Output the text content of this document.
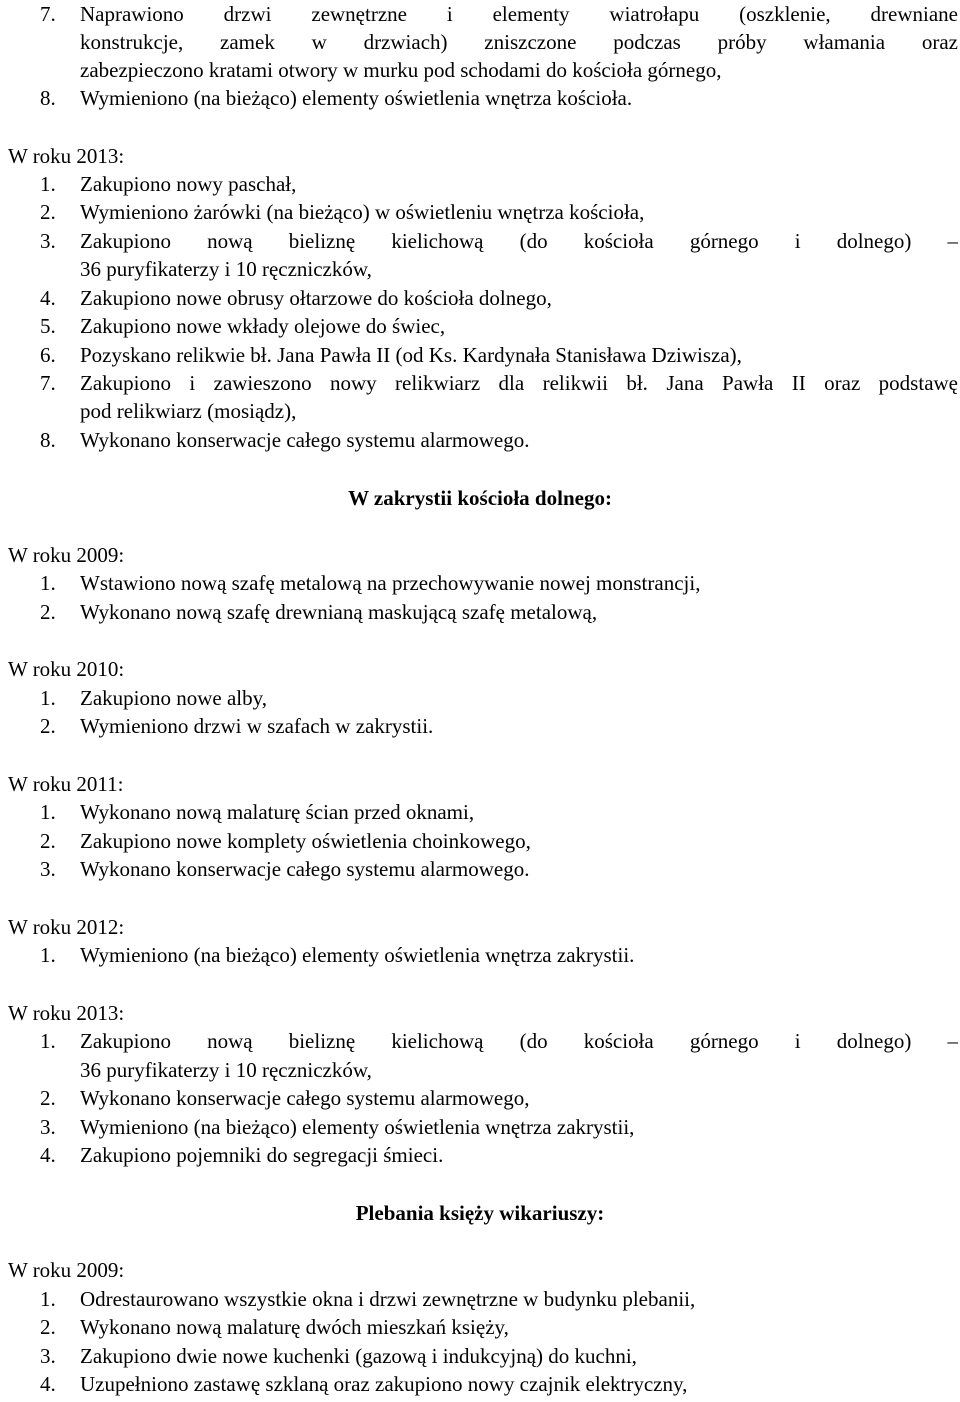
7.	Naprawiono drzwi zewnętrzne i elementy wiatrołapu (oszklenie, drewniane
konstrukcje, zamek w drzwiach) zniszczone podczas próby włamania oraz
zabezpieczono kratami otwory w murku pod schodami do kościoła górnego,
8. Wymieniono (na bieżąco) elementy oświetlenia wnętrza kościoła.
W roku 2013:
1. Zakupiono nowy paschał,
2. Wymieniono żarówki (na bieżąco) w oświetleniu wnętrza kościoła,
3.	Zakupiono nową bieliznę kielichową (do kościoła górnego i dolnego) –
36 puryfikaterzy i 10 ręczniczków,
4. Zakupiono nowe obrusy ołtarzowe do kościoła dolnego,
5. Zakupiono nowe wkłady olejowe do świec,
6. Pozyskano relikwie bł. Jana Pawła II (od Ks. Kardynała Stanisława Dziwisza),
7.	Zakupiono i zawieszono nowy relikwiarz dla relikwii bł. Jana Pawła II oraz podstawę
pod relikwiarz (mosiądz),
8. Wykonano konserwacje całego systemu alarmowego.
W zakrystii kościoła dolnego:
W roku 2009:
1. Wstawiono nową szafę metalową na przechowywanie nowej monstrancji,
2. Wykonano nową szafę drewnianą maskującą szafę metalową,
W roku 2010:
1. Zakupiono nowe alby,
2. Wymieniono drzwi w szafach w zakrystii.
W roku 2011:
1. Wykonano nową malaturę ścian przed oknami,
2. Zakupiono nowe komplety oświetlenia choinkowego,
3. Wykonano konserwacje całego systemu alarmowego.
W roku 2012:
1. Wymieniono (na bieżąco) elementy oświetlenia wnętrza zakrystii.
W roku 2013:
1.	Zakupiono nową bieliznę kielichową (do kościoła górnego i dolnego) –
36 puryfikaterzy i 10 ręczniczków,
2. Wykonano konserwacje całego systemu alarmowego,
3. Wymieniono (na bieżąco) elementy oświetlenia wnętrza zakrystii,
4. Zakupiono pojemniki do segregacji śmieci.
Plebania księży wikariuszy:
W roku 2009:
1. Odrestaurowano wszystkie okna i drzwi zewnętrzne w budynku plebanii,
2. Wykonano nową malaturę dwóch mieszkań księży,
3. Zakupiono dwie nowe kuchenki (gazową i indukcyjną) do kuchni,
4. Uzupełniono zastawę szklaną oraz zakupiono nowy czajnik elektryczny,
